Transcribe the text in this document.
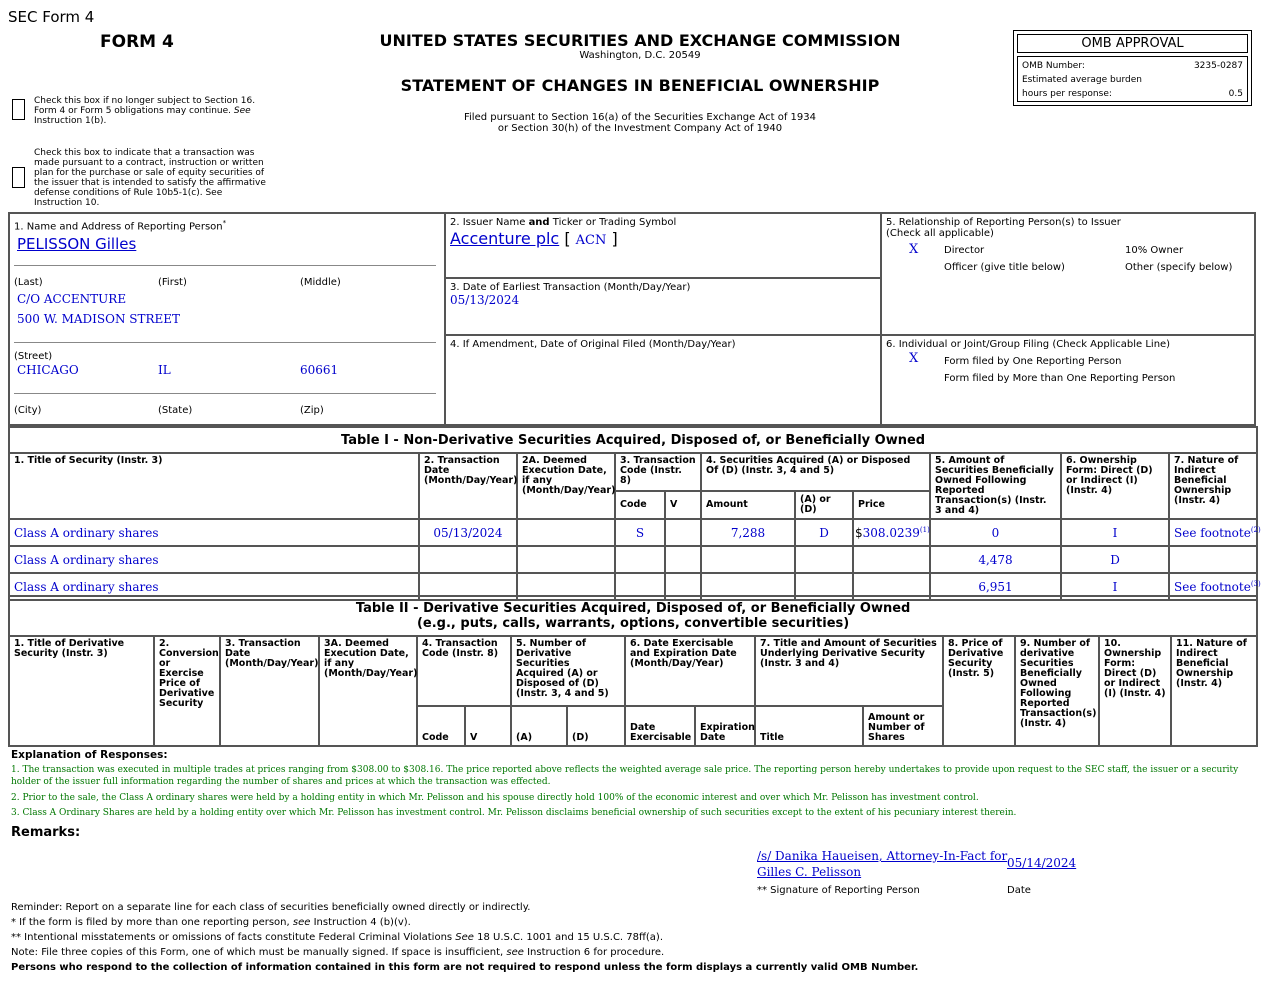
SEC Form 4
FORM 4	UNITED STATES SECURITIES AND EXCHANGE COMMISSION
Washington, D.C. 20549
STATEMENT OF CHANGES IN BENEFICIAL OWNERSHIP
Filed pursuant to Section 16(a) of the Securities Exchange Act of 1934
or Section 30(h) of the Investment Company Act of 1940
OMB APPROVAL
OMB Number:	3235-0287
Estimated average burden
hours per response:	0.5
Check this box if no longer subject to Section 16. Form 4 or Form 5 obligations may continue. See Instruction 1(b).
Check this box to indicate that a transaction was made pursuant to a contract, instruction or written plan for the purchase or sale of equity securities of the issuer that is intended to satisfy the affirmative defense conditions of Rule 10b5-1(c). See Instruction 10.
1. Name and Address of Reporting Person*
PELISSON Gilles
(Last)	(First)	(Middle)
C/O ACCENTURE
500 W. MADISON STREET
(Street)
CHICAGO	IL	60661
(City)	(State)	(Zip)
2. Issuer Name and Ticker or Trading Symbol
Accenture plc [ ACN ]
3. Date of Earliest Transaction (Month/Day/Year)
05/13/2024
4. If Amendment, Date of Original Filed (Month/Day/Year)
5. Relationship of Reporting Person(s) to Issuer
(Check all applicable)
X	Director	10% Owner
Officer (give title below)	Other (specify below)
6. Individual or Joint/Group Filing (Check Applicable Line)
X	Form filed by One Reporting Person
Form filed by More than One Reporting Person
Table I - Non-Derivative Securities Acquired, Disposed of, or Beneficially Owned										
1. Title of Security (Instr. 3)	2. Transaction Date (Month/Day/Year)	2A. Deemed Execution Date, if any (Month/Day/Year)	3. Transaction Code (Instr. 8)		4. Securities Acquired (A) or Disposed Of (D) (Instr. 3, 4 and 5)			5. Amount of Securities Beneficially Owned Following Reported Transaction(s) (Instr. 3 and 4)	6. Ownership Form: Direct (D) or Indirect (I) (Instr. 4)	7. Nature of Indirect Beneficial Ownership (Instr. 4)
			Code	V	Amount	(A) or (D)	Price			
Class A ordinary shares	05/13/2024		S		7,288	D	$308.0239$^{(1)}$	0	I	See footnote$^{(2)}$
Class A ordinary shares								4,478	D	
Class A ordinary shares								6,951	I	See footnote$^{(3)}$
Table II - Derivative Securities Acquired, Disposed of, or Beneficially Owned
(e.g., puts, calls, warrants, options, convertible securities)															

1. Title of Derivative Security (Instr. 3)	2. Conversion or Exercise Price of Derivative Security	3. Transaction Date (Month/Day/Year)	3A. Deemed Execution Date, if any (Month/Day/Year)	4. Transaction Code (Instr. 8)		5. Number of Derivative Securities Acquired (A) or Disposed of (D) (Instr. 3, 4 and 5)		6. Date Exercisable and Expiration Date (Month/Day/Year)		7. Title and Amount of Securities Underlying Derivative Security (Instr. 3 and 4)		8. Price of Derivative Security (Instr. 5)	9. Number of derivative Securities Beneficially Owned Following Reported Transaction(s) (Instr. 4)	10. Ownership Form: Direct (D) or Indirect (I) (Instr. 4)	11. Nature of Indirect Beneficial Ownership (Instr. 4)
				Code	V	(A)	(D)	Date Exercisable	Expiration Date	Title	Amount or Number of Shares				
Explanation of Responses:
1. The transaction was executed in multiple trades at prices ranging from $308.00 to $308.16. The price reported above reflects the weighted average sale price. The reporting person hereby undertakes to provide upon request to the SEC staff, the issuer or a security holder of the issuer full information regarding the number of shares and prices at which the transaction was effected.
2. Prior to the sale, the Class A ordinary shares were held by a holding entity in which Mr. Pelisson and his spouse directly hold 100% of the economic interest and over which Mr. Pelisson has investment control.
3. Class A Ordinary Shares are held by a holding entity over which Mr. Pelisson has investment control. Mr. Pelisson disclaims beneficial ownership of such securities except to the extent of his pecuniary interest therein.
Remarks:
/s/ Danika Haueisen, Attorney-In-Fact for
Gilles C. Pelisson
05/14/2024
** Signature of Reporting Person	Date
Reminder: Report on a separate line for each class of securities beneficially owned directly or indirectly.
* If the form is filed by more than one reporting person, see Instruction 4 (b)(v).
** Intentional misstatements or omissions of facts constitute Federal Criminal Violations See 18 U.S.C. 1001 and 15 U.S.C. 78ff(a).
Note: File three copies of this Form, one of which must be manually signed. If space is insufficient, see Instruction 6 for procedure.
Persons who respond to the collection of information contained in this form are not required to respond unless the form displays a currently valid OMB Number.
